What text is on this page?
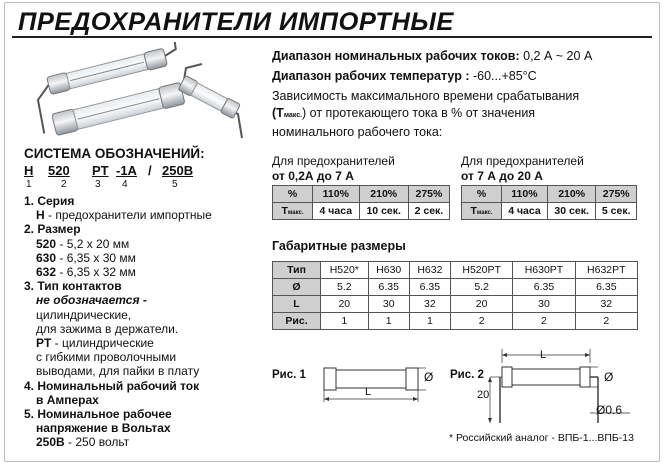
ПРЕДОХРАНИТЕЛИ ИМПОРТНЫЕ
Диапазон номинальных рабочих токов: 0,2 А ~ 20 А
Диапазон рабочих температур : -60...+85°С
Зависимость максимального времени срабатывания
(Tмакс.) от протекающего тока в % от значения
номинального рабочего тока:
СИСТЕМА ОБОЗНАЧЕНИЙ:
H 520 PT -1A / 250B
1	2	3 4	5
1. Серия
H - предохранители импортные
2. Размер
520 - 5,2 х 20 мм
630 - 6,35 х 30 мм
632 - 6,35 х 32 мм
3. Тип контактов
не обозначается -
цилиндрические,
для зажима в держатели.
PT - цилиндрические
с гибкими проволочными
выводами, для пайки в плату
4. Номинальный рабочий ток
в Амперах
5. Номинальное рабочее
напряжение в Вольтах
250В - 250 вольт
Для предохранителей
от 0,2А до 7 А
%	110%	210%	275%
Tмакс.	4 часа	10 сек.	2 сек.
Для предохранителей
от 7 А до 20 А
%	110%	210%	275%
Tмакс.	4 часа	30 сек.	5 сек.
Габаритные размеры
Тип	H520*	H630	H632	H520PT	H630PT	H632PT
Ø	5.2	6.35	6.35	5.2	6.35	6.35
L	20	30	32	20	30	32
Рис.	1	1	1	2	2	2
Рис. 1	Ø
L
Рис. 2	Ø
L
20
Ø0.6
* Российский аналог - ВПБ-1...ВПБ-13
